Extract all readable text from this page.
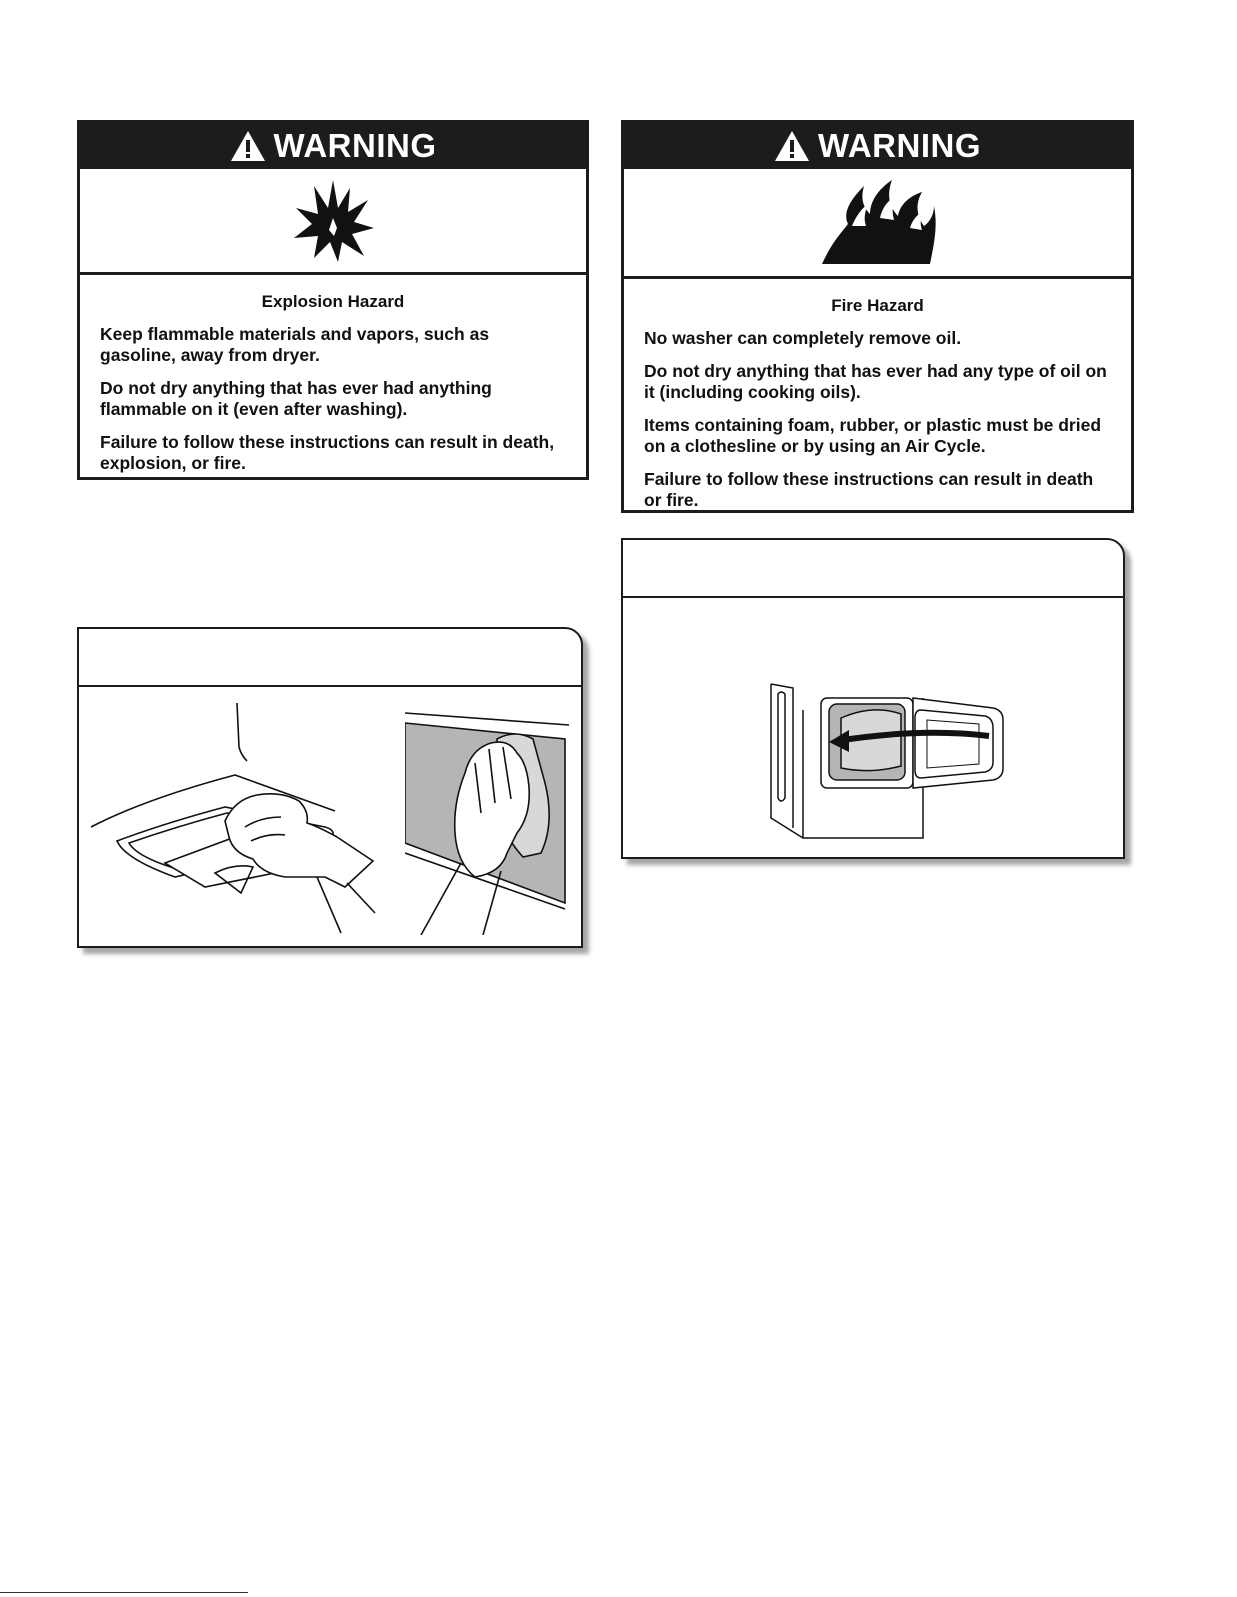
WARNING
Explosion Hazard

Keep flammable materials and vapors, such as gasoline, away from dryer.

Do not dry anything that has ever had anything flammable on it (even after washing).

Failure to follow these instructions can result in death, explosion, or fire.

WARNING
Fire Hazard

No washer can completely remove oil.

Do not dry anything that has ever had any type of oil on it (including cooking oils).

Items containing foam, rubber, or plastic must be dried on a clothesline or by using an Air Cycle.

Failure to follow these instructions can result in death or fire.
